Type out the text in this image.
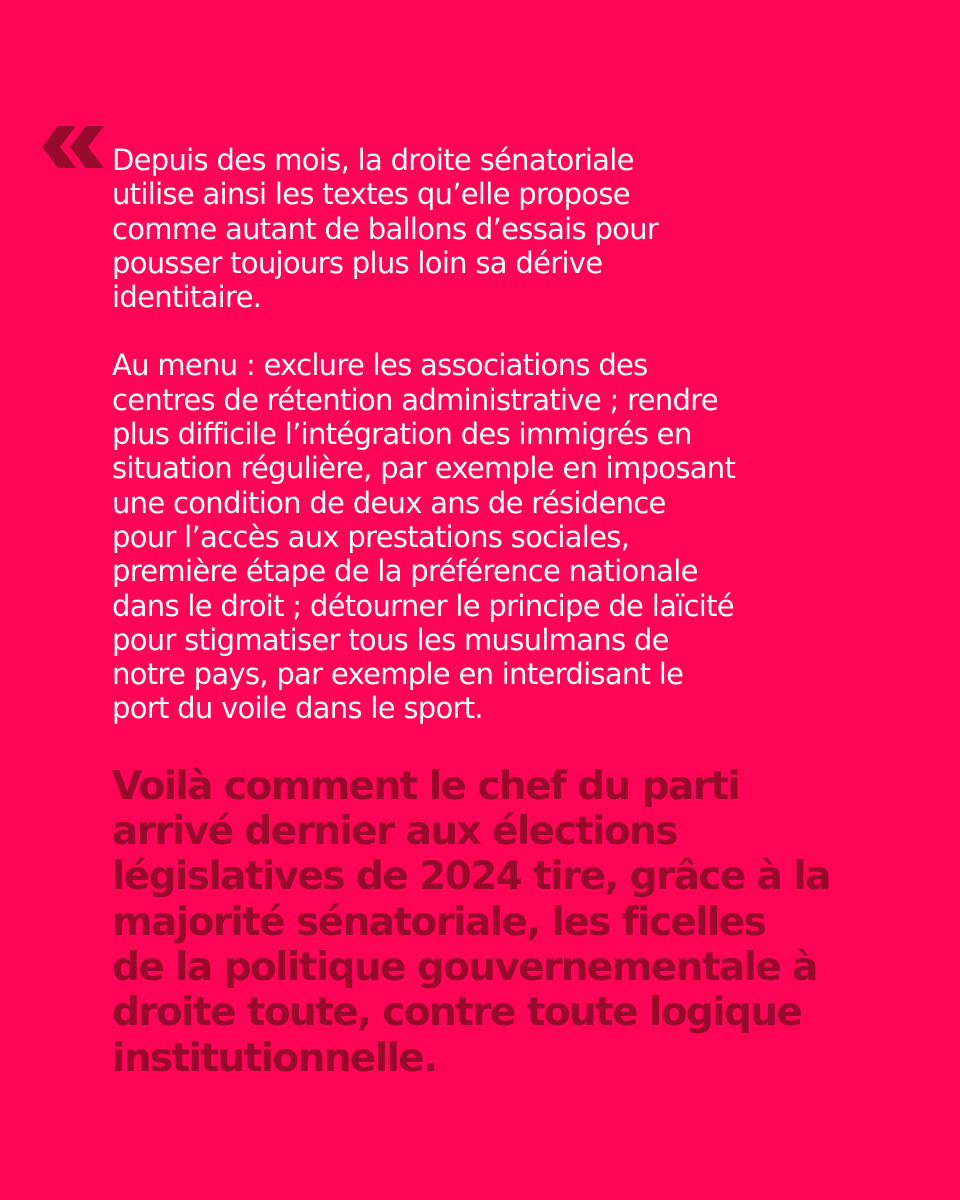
Depuis des mois, la droite sénatoriale
utilise ainsi les textes qu’elle propose
comme autant de ballons d’essais pour
pousser toujours plus loin sa dérive
identitaire.

Au menu : exclure les associations des
centres de rétention administrative ; rendre
plus difficile l’intégration des immigrés en
situation régulière, par exemple en imposant
une condition de deux ans de résidence
pour l’accès aux prestations sociales,
première étape de la préférence nationale
dans le droit ; détourner le principe de laïcité
pour stigmatiser tous les musulmans de
notre pays, par exemple en interdisant le
port du voile dans le sport.

Voilà comment le chef du parti
arrivé dernier aux élections
législatives de 2024 tire, grâce à la
majorité sénatoriale, les ficelles
de la politique gouvernementale à
droite toute, contre toute logique
institutionnelle.
